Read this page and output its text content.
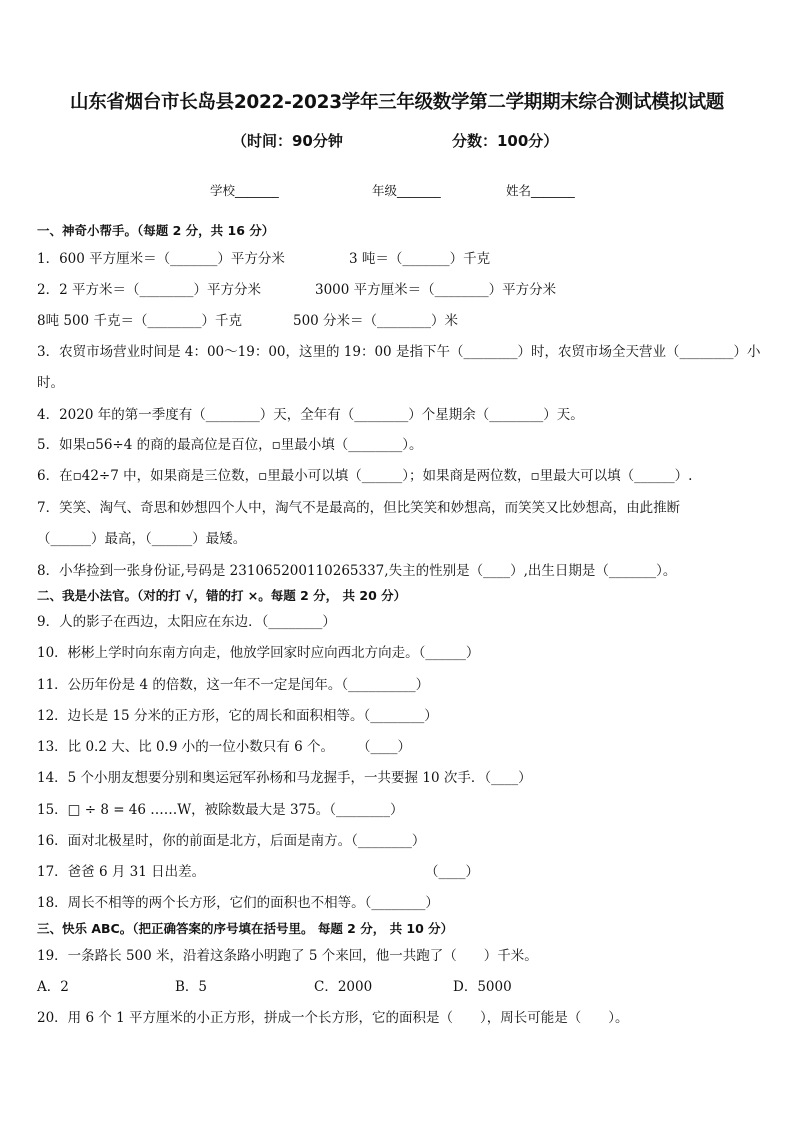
山东省烟台市长岛县2022-2023学年三年级数学第二学期期末综合测试模拟试题
（时间：90分钟	分数：100分）
学校_______	年级_______	姓名_______
一、神奇小帮手。（每题 2 分，共 16 分）
1．600 平方厘米＝（_______）平方分米	3 吨＝（_______）千克
2．2 平方米＝（________）平方分米	3000 平方厘米＝（________）平方分米
8吨 500 千克＝（________）千克	500 分米＝（________）米
3．农贸市场营业时间是 4：00～19：00，这里的 19：00 是指下午（________）时，农贸市场全天营业（________）小
时。
4．2020 年的第一季度有（________）天，全年有（________）个星期余（________）天。
5．如果▫56÷4 的商的最高位是百位，▫里最小填（________）。
6．在▫42÷7 中，如果商是三位数，▫里最小可以填（______）；如果商是两位数，▫里最大可以填（______）.
7．笑笑、淘气、奇思和妙想四个人中，淘气不是最高的，但比笑笑和妙想高，而笑笑又比妙想高，由此推断
（______）最高，（______）最矮。
8．小华捡到一张身份证,号码是 231065200110265337,失主的性别是（____）,出生日期是（_______）。
二、我是小法官。（对的打 √，错的打 ×。每题 2 分， 共 20 分）
9．人的影子在西边，太阳应在东边．（________）
10．彬彬上学时向东南方向走，他放学回家时应向西北方向走。（______）
11．公历年份是 4 的倍数，这一年不一定是闰年。（__________）
12．边长是 15 分米的正方形，它的周长和面积相等。（________）
13．比 0.2 大、比 0.9 小的一位小数只有 6 个。 （____）
14．5 个小朋友想要分别和奥运冠军孙杨和马龙握手，一共要握 10 次手．（____）
15．□ ÷ 8 = 46 ……W，被除数最大是 375。（________）
16．面对北极星时，你的前面是北方，后面是南方。（________）
17．爸爸 6 月 31 日出差。	（____）
18．周长不相等的两个长方形，它们的面积也不相等。（________）
三、快乐 ABC。（把正确答案的序号填在括号里。 每题 2 分， 共 10 分）
19．一条路长 500 米，沿着这条路小明跑了 5 个来回，他一共跑了（　　）千米。
A．2	B．5	C．2000	D．5000
20．用 6 个 1 平方厘米的小正方形，拼成一个长方形，它的面积是（　　），周长可能是（　　）。
